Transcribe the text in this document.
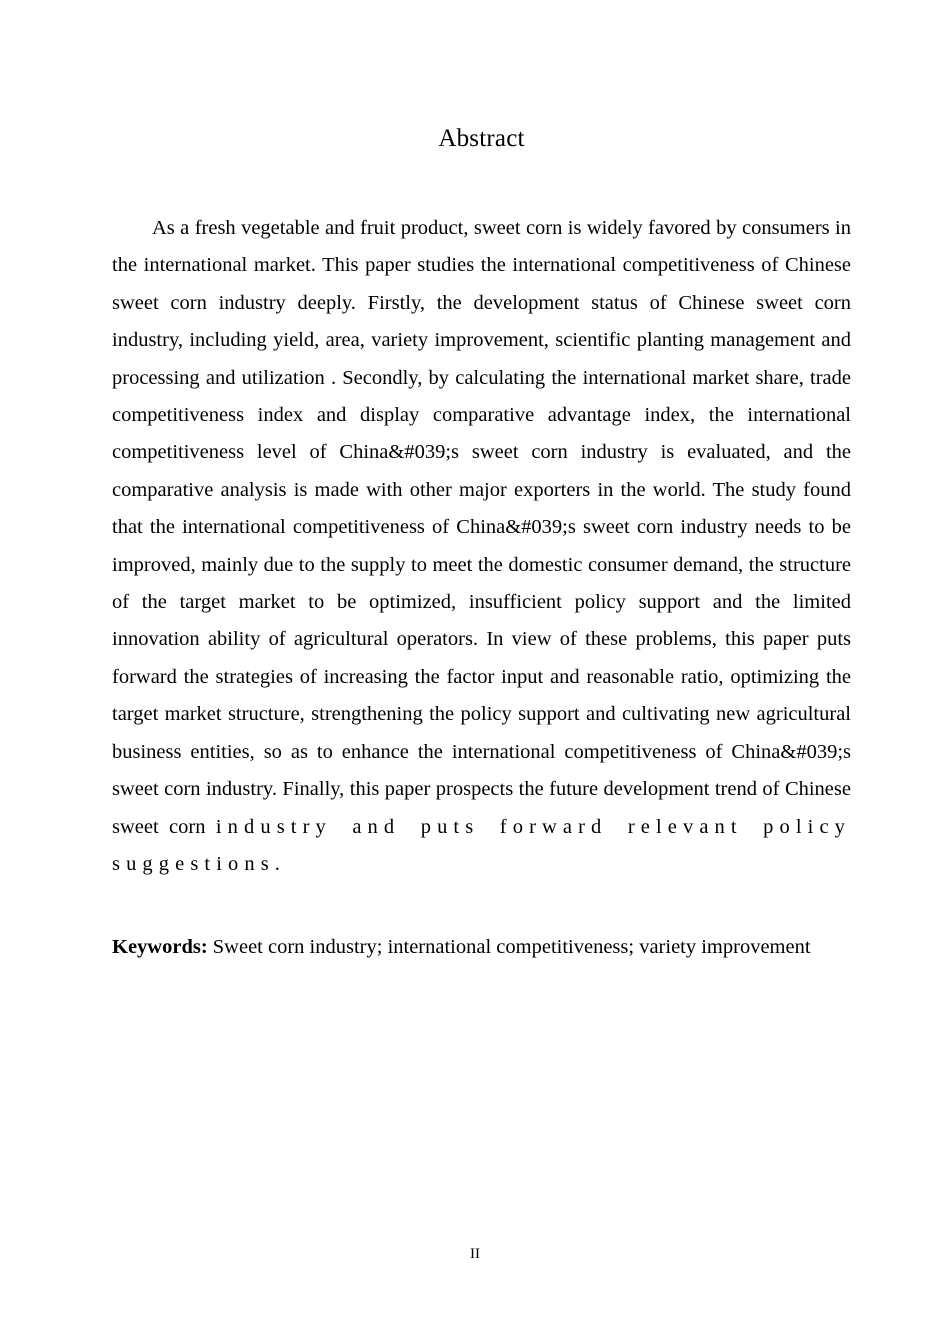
Abstract

As a fresh vegetable and fruit product, sweet corn is widely favored by consumers in the international market. This paper studies the international competitiveness of Chinese sweet corn industry deeply. Firstly, the development status of Chinese sweet corn industry, including yield, area, variety improvement, scientific planting management and processing and utilization . Secondly, by calculating the international market share, trade competitiveness index and display comparative advantage index, the international competitiveness level of China&#039;s sweet corn industry is evaluated, and the comparative analysis is made with other major exporters in the world. The study found that the international competitiveness of China&#039;s sweet corn industry needs to be improved, mainly due to the supply to meet the domestic consumer demand, the structure of the target market to be optimized, insufficient policy support and the limited innovation ability of agricultural operators. In view of these problems, this paper puts forward the strategies of increasing the factor input and reasonable ratio, optimizing the target market structure, strengthening the policy support and cultivating new agricultural business entities, so as to enhance the international competitiveness of China&#039;s sweet corn industry. Finally, this paper prospects the future development trend of Chinese sweet corn industry and puts forward relevant policy suggestions.

Keywords: Sweet corn industry; international competitiveness; variety improvement

II
